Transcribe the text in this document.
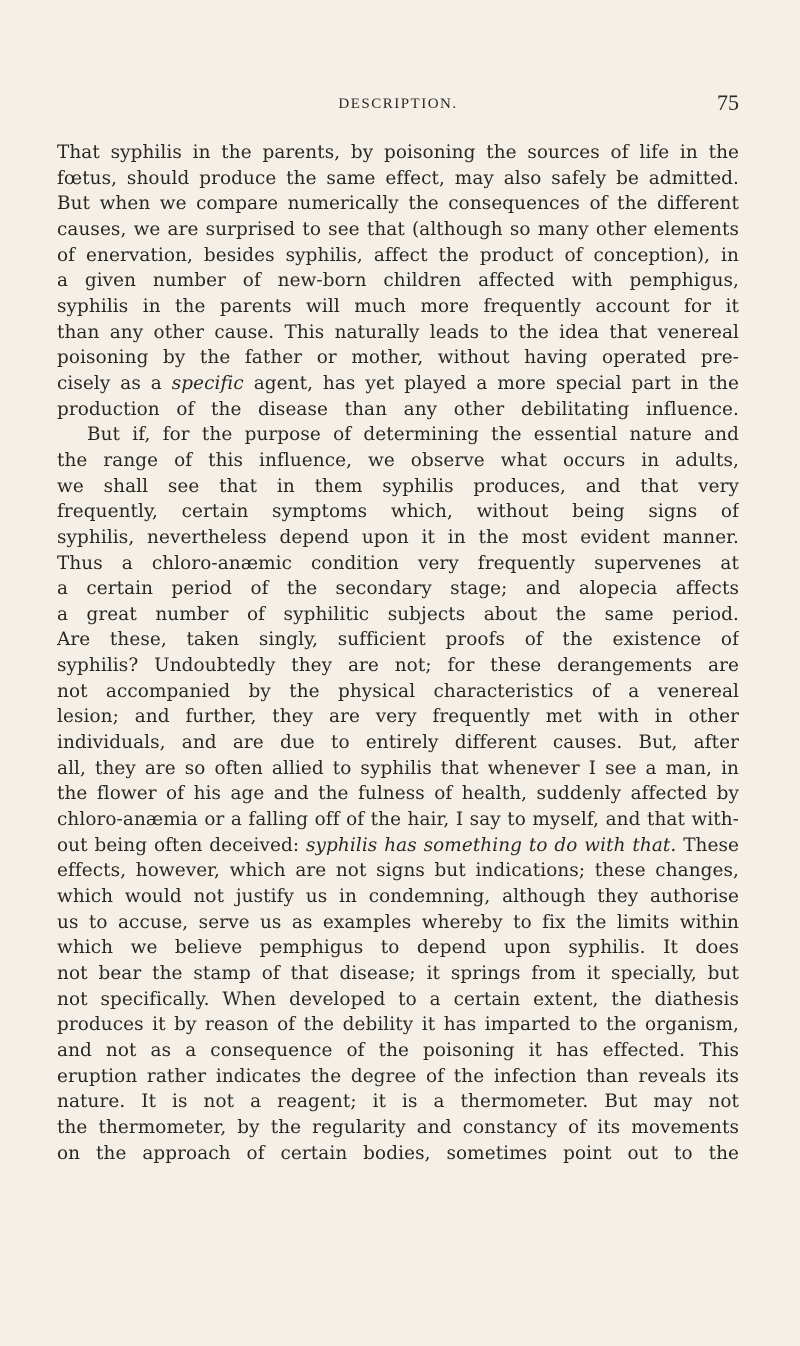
DESCRIPTION.	75
That syphilis in the parents, by poisoning the sources of life in the
fœtus, should produce the same effect, may also safely be admitted.
But when we compare numerically the consequences of the different
causes, we are surprised to see that (although so many other elements
of enervation, besides syphilis, affect the product of conception), in
a given number of new-born children affected with pemphigus,
syphilis in the parents will much more frequently account for it
than any other cause. This naturally leads to the idea that venereal
poisoning by the father or mother, without having operated pre-
cisely as a specific agent, has yet played a more special part in the
production of the disease than any other debilitating influence.
But if, for the purpose of determining the essential nature and
the range of this influence, we observe what occurs in adults,
we shall see that in them syphilis produces, and that very
frequently, certain symptoms which, without being signs of
syphilis, nevertheless depend upon it in the most evident manner.
Thus a chloro-anæmic condition very frequently supervenes at
a certain period of the secondary stage; and alopecia affects
a great number of syphilitic subjects about the same period.
Are these, taken singly, sufficient proofs of the existence of
syphilis? Undoubtedly they are not; for these derangements are
not accompanied by the physical characteristics of a venereal
lesion; and further, they are very frequently met with in other
individuals, and are due to entirely different causes. But, after
all, they are so often allied to syphilis that whenever I see a man, in
the flower of his age and the fulness of health, suddenly affected by
chloro-anæmia or a falling off of the hair, I say to myself, and that with-
out being often deceived: syphilis has something to do with that. These
effects, however, which are not signs but indications; these changes,
which would not justify us in condemning, although they authorise
us to accuse, serve us as examples whereby to fix the limits within
which we believe pemphigus to depend upon syphilis. It does
not bear the stamp of that disease; it springs from it specially, but
not specifically. When developed to a certain extent, the diathesis
produces it by reason of the debility it has imparted to the organism,
and not as a consequence of the poisoning it has effected. This
eruption rather indicates the degree of the infection than reveals its
nature. It is not a reagent; it is a thermometer. But may not
the thermometer, by the regularity and constancy of its movements
on the approach of certain bodies, sometimes point out to the
